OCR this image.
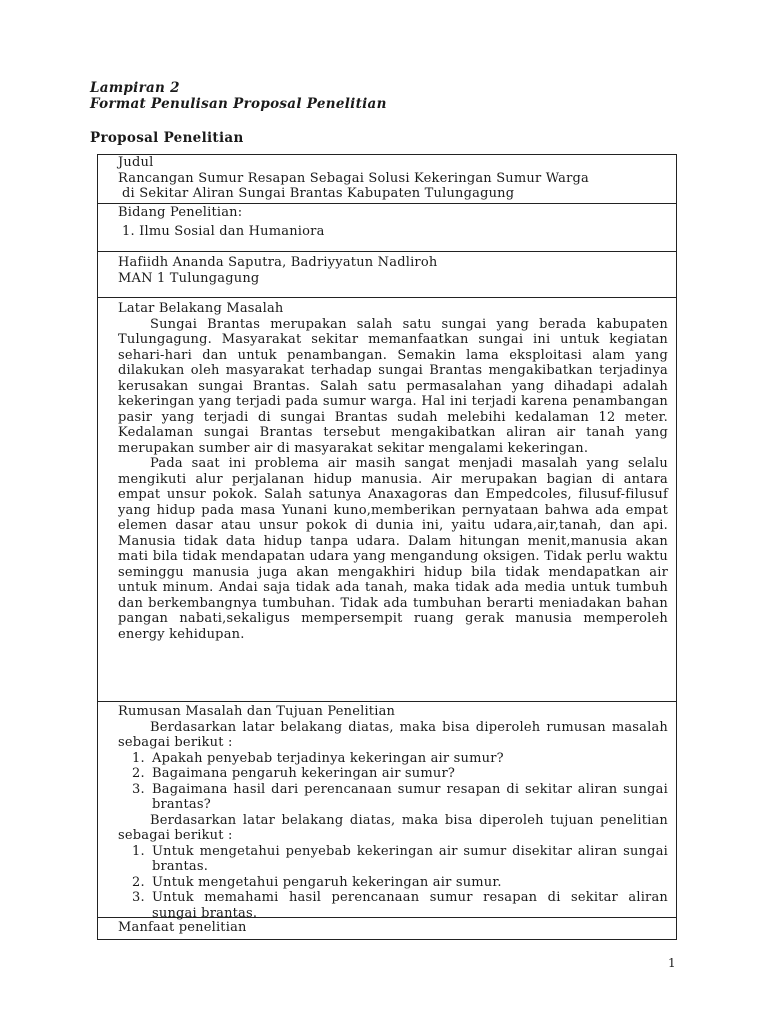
Lampiran 2
Format Penulisan Proposal Penelitian
Proposal Penelitian
Judul
Rancangan Sumur Resapan Sebagai Solusi Kekeringan Sumur Warga
di Sekitar Aliran Sungai Brantas Kabupaten Tulungagung
Bidang Penelitian:
1. Ilmu Sosial dan Humaniora
Hafiidh Ananda Saputra, Badriyyatun Nadliroh
MAN 1 Tulungagung
Latar Belakang Masalah
Sungai Brantas merupakan salah satu sungai yang berada kabupaten Tulungagung. Masyarakat sekitar memanfaatkan sungai ini untuk kegiatan sehari-hari dan untuk penambangan. Semakin lama eksploitasi alam yang dilakukan oleh masyarakat terhadap sungai Brantas mengakibatkan terjadinya kerusakan sungai Brantas. Salah satu permasalahan yang dihadapi adalah kekeringan yang terjadi pada sumur warga. Hal ini terjadi karena penambangan pasir yang terjadi di sungai Brantas sudah melebihi kedalaman 12 meter. Kedalaman sungai Brantas tersebut mengakibatkan aliran air tanah yang merupakan sumber air di masyarakat sekitar mengalami kekeringan.
Pada saat ini problema air masih sangat menjadi masalah yang selalu mengikuti alur perjalanan hidup manusia. Air merupakan bagian di antara empat unsur pokok. Salah satunya Anaxagoras dan Empedcoles, filusuf-filusuf yang hidup pada masa Yunani kuno,memberikan pernyataan bahwa ada empat elemen dasar atau unsur pokok di dunia ini, yaitu udara,air,tanah, dan api. Manusia tidak data hidup tanpa udara. Dalam hitungan menit,manusia akan mati bila tidak mendapatan udara yang mengandung oksigen. Tidak perlu waktu seminggu manusia juga akan mengakhiri hidup bila tidak mendapatkan air untuk minum. Andai saja tidak ada tanah, maka tidak ada media untuk tumbuh dan berkembangnya tumbuhan. Tidak ada tumbuhan berarti meniadakan bahan pangan nabati,sekaligus mempersempit ruang gerak manusia memperoleh energy kehidupan.
Rumusan Masalah dan Tujuan Penelitian
Berdasarkan latar belakang diatas, maka bisa diperoleh rumusan masalah sebagai berikut :
1. Apakah penyebab terjadinya kekeringan air sumur?
2. Bagaimana pengaruh kekeringan air sumur?
3. Bagaimana hasil dari perencanaan sumur resapan di sekitar aliran sungai brantas?
Berdasarkan latar belakang diatas, maka bisa diperoleh tujuan penelitian sebagai berikut :
1. Untuk mengetahui penyebab kekeringan air sumur disekitar aliran sungai brantas.
2. Untuk mengetahui pengaruh kekeringan air sumur.
3. Untuk memahami hasil perencanaan sumur resapan di sekitar aliran sungai brantas.
Manfaat penelitian
1
